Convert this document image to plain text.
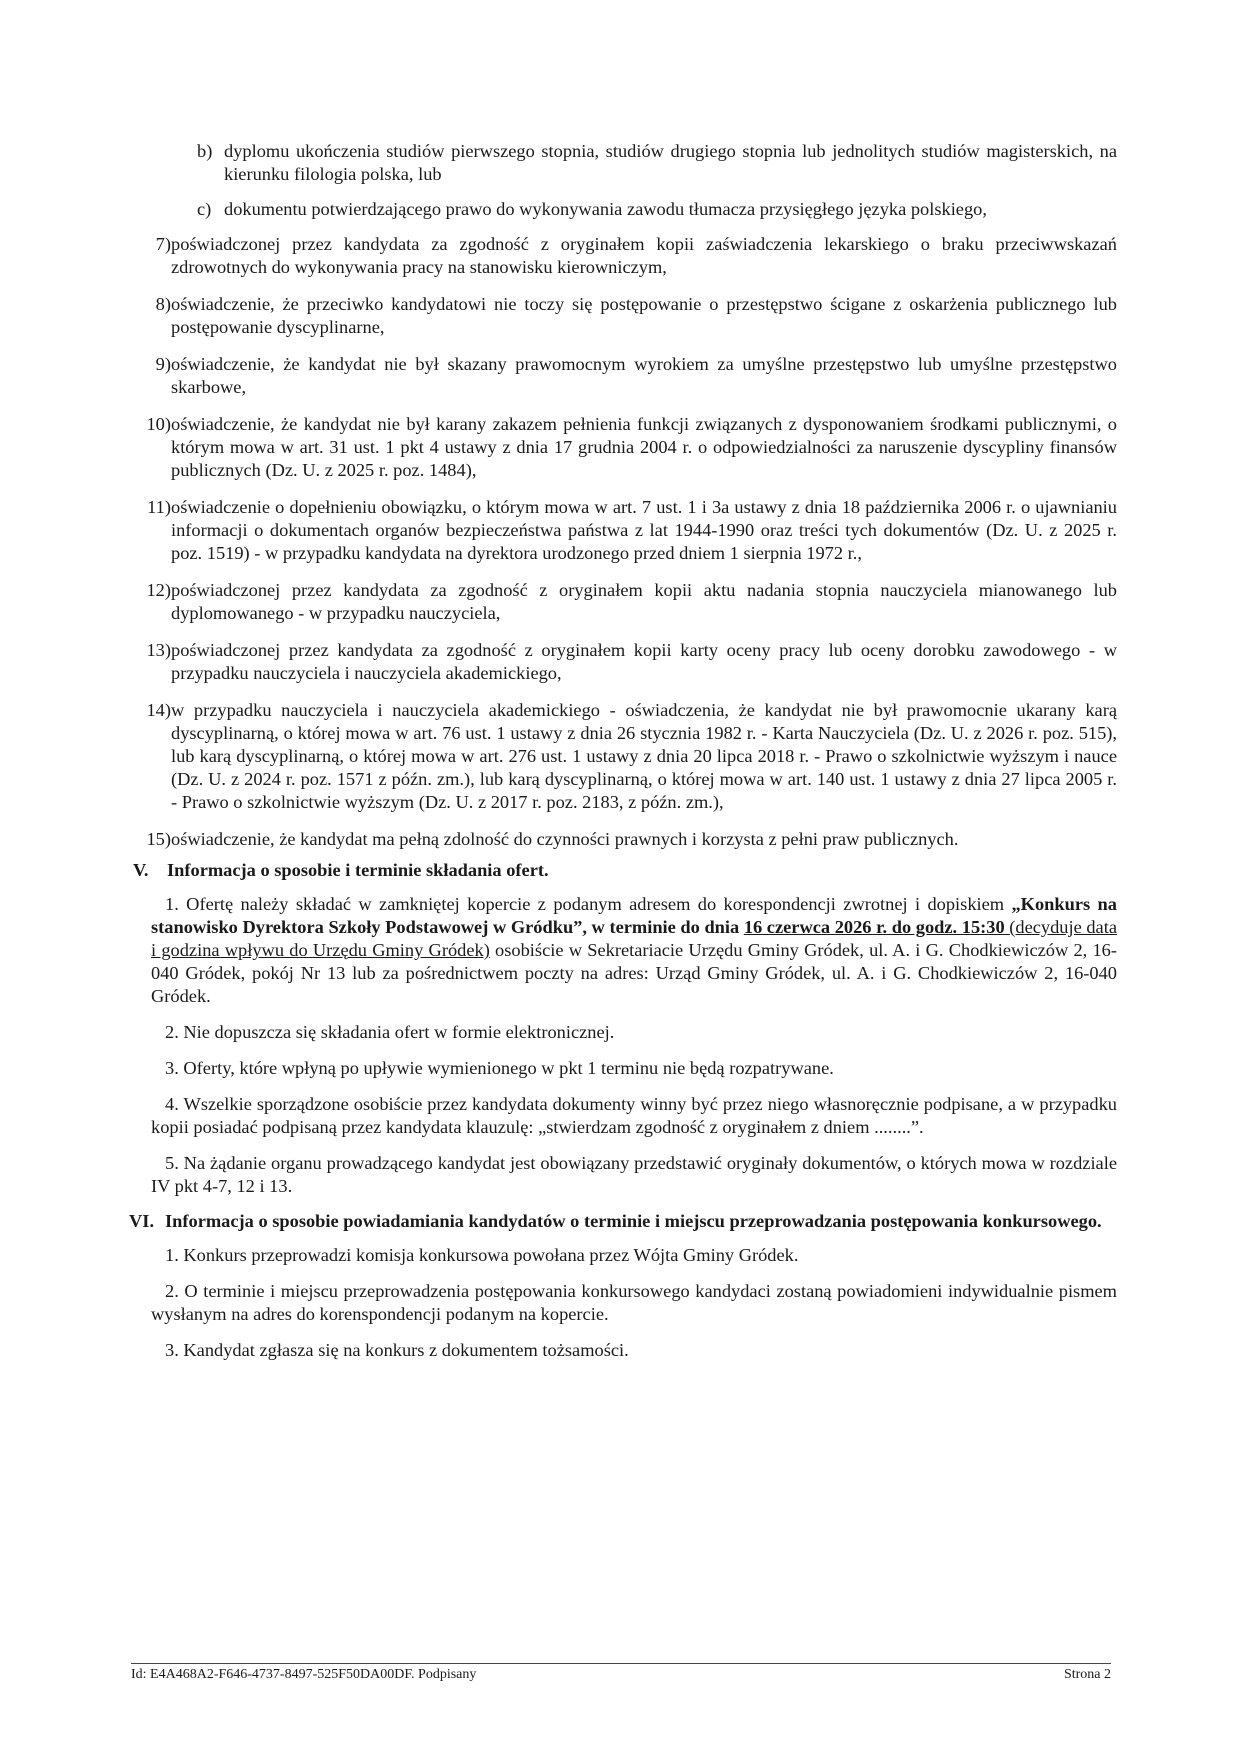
b) dyplomu ukończenia studiów pierwszego stopnia, studiów drugiego stopnia lub jednolitych studiów magisterskich, na kierunku filologia polska, lub
c) dokumentu potwierdzającego prawo do wykonywania zawodu tłumacza przysięgłego języka polskiego,
7) poświadczonej przez kandydata za zgodność z oryginałem kopii zaświadczenia lekarskiego o braku przeciwwskazań zdrowotnych do wykonywania pracy na stanowisku kierowniczym,
8) oświadczenie, że przeciwko kandydatowi nie toczy się postępowanie o przestępstwo ścigane z oskarżenia publicznego lub postępowanie dyscyplinarne,
9) oświadczenie, że kandydat nie był skazany prawomocnym wyrokiem za umyślne przestępstwo lub umyślne przestępstwo skarbowe,
10) oświadczenie, że kandydat nie był karany zakazem pełnienia funkcji związanych z dysponowaniem środkami publicznymi, o którym mowa w art. 31 ust. 1 pkt 4 ustawy z dnia 17 grudnia 2004 r. o odpowiedzialności za naruszenie dyscypliny finansów publicznych (Dz. U. z 2025 r. poz. 1484),
11) oświadczenie o dopełnieniu obowiązku, o którym mowa w art. 7 ust. 1 i 3a ustawy z dnia 18 października 2006 r. o ujawnianiu informacji o dokumentach organów bezpieczeństwa państwa z lat 1944-1990 oraz treści tych dokumentów (Dz. U. z 2025 r. poz. 1519) - w przypadku kandydata na dyrektora urodzonego przed dniem 1 sierpnia 1972 r.,
12) poświadczonej przez kandydata za zgodność z oryginałem kopii aktu nadania stopnia nauczyciela mianowanego lub dyplomowanego - w przypadku nauczyciela,
13) poświadczonej przez kandydata za zgodność z oryginałem kopii karty oceny pracy lub oceny dorobku zawodowego - w przypadku nauczyciela i nauczyciela akademickiego,
14) w przypadku nauczyciela i nauczyciela akademickiego - oświadczenia, że kandydat nie był prawomocnie ukarany karą dyscyplinarną, o której mowa w art. 76 ust. 1 ustawy z dnia 26 stycznia 1982 r. - Karta Nauczyciela (Dz. U. z 2026 r. poz. 515), lub karą dyscyplinarną, o której mowa w art. 276 ust. 1 ustawy z dnia 20 lipca 2018 r. - Prawo o szkolnictwie wyższym i nauce (Dz. U. z 2024 r. poz. 1571 z późn. zm.), lub karą dyscyplinarną, o której mowa w art. 140 ust. 1 ustawy z dnia 27 lipca 2005 r. - Prawo o szkolnictwie wyższym (Dz. U. z 2017 r. poz. 2183, z późn. zm.),
15) oświadczenie, że kandydat ma pełną zdolność do czynności prawnych i korzysta z pełni praw publicznych.
V. Informacja o sposobie i terminie składania ofert.
1. Ofertę należy składać w zamkniętej kopercie z podanym adresem do korespondencji zwrotnej i dopiskiem „Konkurs na stanowisko Dyrektora Szkoły Podstawowej w Gródku”, w terminie do dnia 16 czerwca 2026 r. do godz. 15:30 (decyduje data i godzina wpływu do Urzędu Gminy Gródek) osobiście w Sekretariacie Urzędu Gminy Gródek, ul. A. i G. Chodkiewiczów 2, 16-040 Gródek, pokój Nr 13 lub za pośrednictwem poczty na adres: Urząd Gminy Gródek, ul. A. i G. Chodkiewiczów 2, 16-040 Gródek.
2. Nie dopuszcza się składania ofert w formie elektronicznej.
3. Oferty, które wpłyną po upływie wymienionego w pkt 1 terminu nie będą rozpatrywane.
4. Wszelkie sporządzone osobiście przez kandydata dokumenty winny być przez niego własnoręcznie podpisane, a w przypadku kopii posiadać podpisaną przez kandydata klauzulę: „stwierdzam zgodność z oryginałem z dniem ........”.
5. Na żądanie organu prowadzącego kandydat jest obowiązany przedstawić oryginały dokumentów, o których mowa w rozdziale IV pkt 4-7, 12 i 13.
VI. Informacja o sposobie powiadamiania kandydatów o terminie i miejscu przeprowadzania postępowania konkursowego.
1. Konkurs przeprowadzi komisja konkursowa powołana przez Wójta Gminy Gródek.
2. O terminie i miejscu przeprowadzenia postępowania konkursowego kandydaci zostaną powiadomieni indywidualnie pismem wysłanym na adres do korenspondencji podanym na kopercie.
3. Kandydat zgłasza się na konkurs z dokumentem tożsamości.
Id: E4A468A2-F646-4737-8497-525F50DA00DF. Podpisany	Strona 2
